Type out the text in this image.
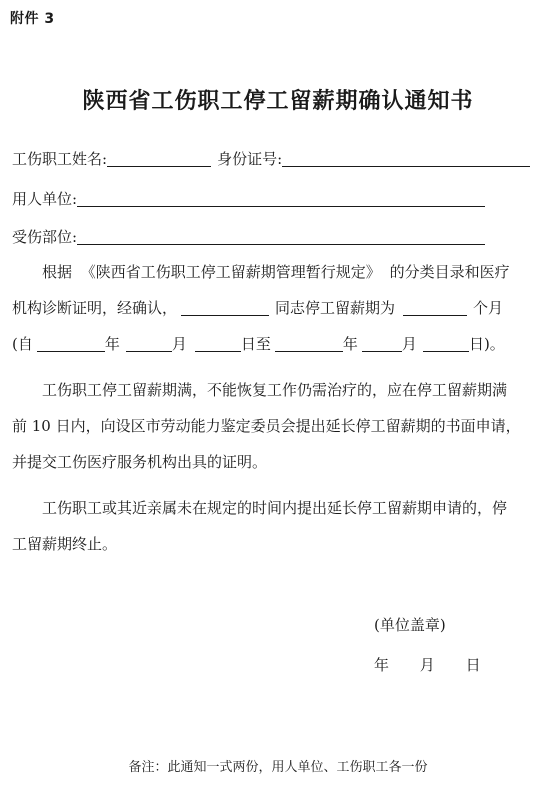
附件 3
陕西省工伤职工停工留薪期确认通知书
工伤职工姓名:	身份证号:
用人单位:
受伤部位:

根据 《陕西省工伤职工停工留薪期管理暂行规定》 的分类目录和医疗

机构诊断证明，经确认，	同志停工留薪期为	个月

(自	年	月	日至	年	月	日)。

工伤职工停工留薪期满，不能恢复工作仍需治疗的，应在停工留薪期满

前 10 日内，向设区市劳动能力鉴定委员会提出延长停工留薪期的书面申请，

并提交工伤医疗服务机构出具的证明。

工伤职工或其近亲属未在规定的时间内提出延长停工留薪期申请的，停

工留薪期终止。

(单位盖章)
年 月 日
备注：此通知一式两份，用人单位、工伤职工各一份
